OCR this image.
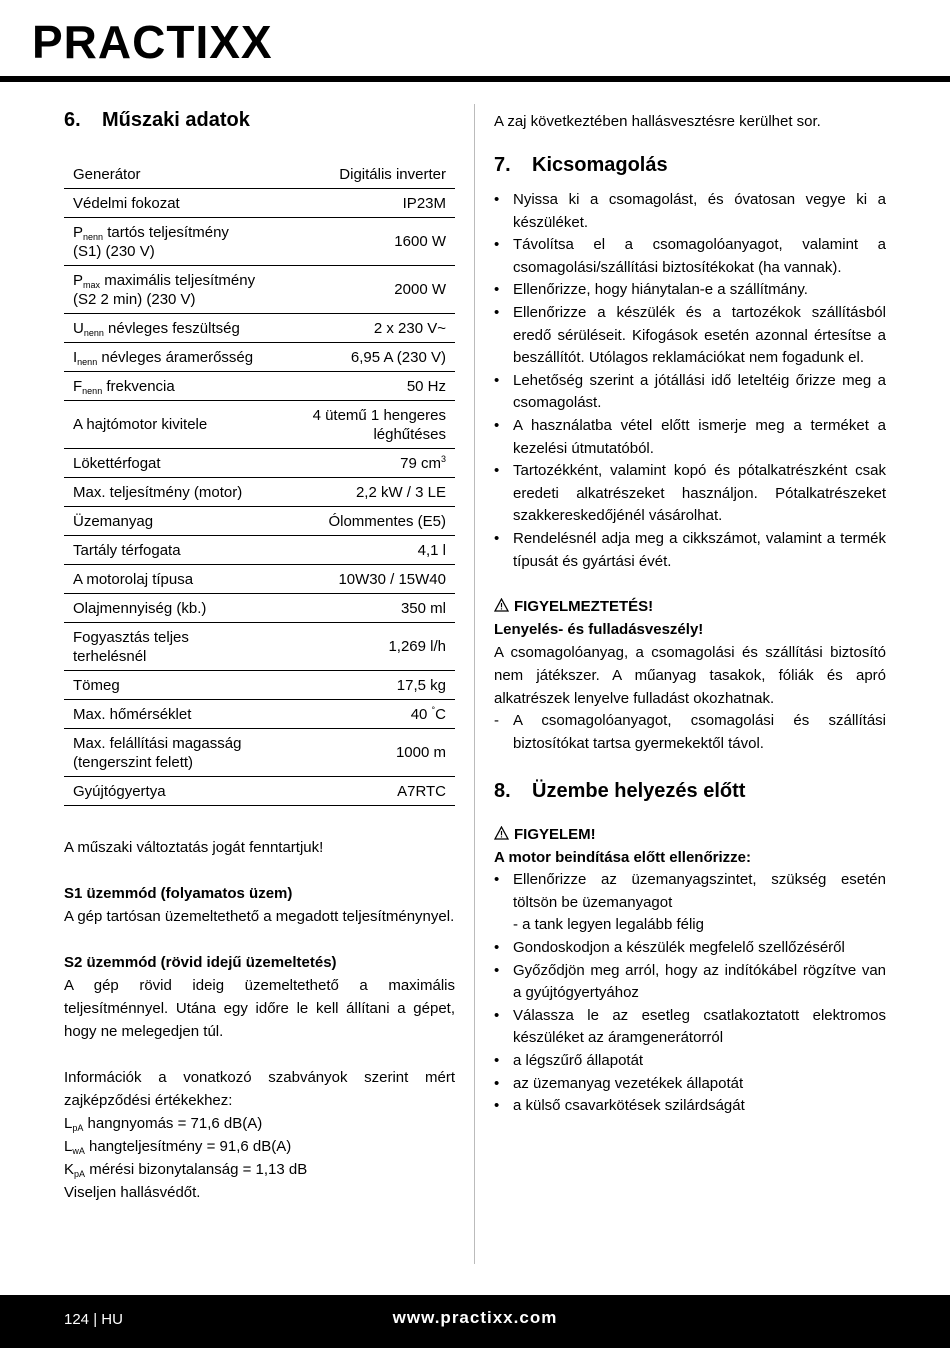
PRACTIXX
6. Műszaki adatok
Generátor	Digitális inverter
Védelmi fokozat	IP23M
$P_{nenn}$ tartós teljesítmény
(S1) (230 V)	1600 W
$P_{max}$ maximális teljesítmény
(S2 2 min) (230 V)	2000 W
$U_{nenn}$ névleges feszültség	2 x 230 V~
$I_{nenn}$ névleges áramerősség	6,95 A (230 V)
$F_{nenn}$ frekvencia	50 Hz
A hajtómotor kivitele	4 ütemű 1 hengeres
léghűtéses
Lökettérfogat	79 $cm^3$
Max. teljesítmény (motor)	2,2 kW / 3 LE
Üzemanyag	Ólommentes (E5)
Tartály térfogata	4,1 l
A motorolaj típusa	10W30 / 15W40
Olajmennyiség (kb.)	350 ml
Fogyasztás teljes
terhelésnél	1,269 l/h
Tömeg	17,5 kg
Max. hőmérséklet	40 °C
Max. felállítási magasság
(tengerszint felett)	1000 m
Gyújtógyertya	A7RTC

A műszaki változtatás jogát fenntartjuk!

S1 üzemmód (folyamatos üzem)

A gép tartósan üzemeltethető a megadott teljesítménynyel.

S2 üzemmód (rövid idejű üzemeltetés)

A gép rövid ideig üzemeltethető a maximális teljesítménnyel. Utána egy időre le kell állítani a gépet, hogy ne melegedjen túl.

Információk a vonatkozó szabványok szerint mért zajképződési értékekhez:

$L_{pA}$ hangnyomás = 71,6 dB(A)

$L_{wA}$ hangteljesítmény = 91,6 dB(A)

$K_{pA}$ mérési bizonytalanság = 1,13 dB

Viseljen hallásvédőt.

A zaj következtében hallásvesztésre kerülhet sor.

7. Kicsomagolás
• Nyissa ki a csomagolást, és óvatosan vegye ki a készüléket.
• Távolítsa el a csomagolóanyagot, valamint a csomagolási/szállítási biztosítékokat (ha vannak).
• Ellenőrizze, hogy hiánytalan-e a szállítmány.
• Ellenőrizze a készülék és a tartozékok szállításból eredő sérüléseit. Kifogások esetén azonnal értesítse a beszállítót. Utólagos reklamációkat nem fogadunk el.
• Lehetőség szerint a jótállási idő leteltéig őrizze meg a csomagolást.
• A használatba vétel előtt ismerje meg a terméket a kezelési útmutatóból.
• Tartozékként, valamint kopó és pótalkatrészként csak eredeti alkatrészeket használjon. Pótalkatrészeket szakkereskedőjénél vásárolhat.
• Rendelésnél adja meg a cikkszámot, valamint a termék típusát és gyártási évét.

FIGYELMEZTETÉS!

Lenyelés- és fulladásveszély!

A csomagolóanyag, a csomagolási és szállítási biztosító nem játékszer. A műanyag tasakok, fóliák és apró alkatrészek lenyelve fulladást okozhatnak.

- A csomagolóanyagot, csomagolási és szállítási biztosítókat tartsa gyermekektől távol.
8. Üzembe helyezés előtt

FIGYELEM!

A motor beindítása előtt ellenőrizze:

• Ellenőrizze az üzemanyagszintet, szükség esetén töltsön be üzemanyagot
- a tank legyen legalább félig
• Gondoskodjon a készülék megfelelő szellőzéséről
• Győződjön meg arról, hogy az indítókábel rögzítve van a gyújtógyertyához
• Válassza le az esetleg csatlakoztatott elektromos készüléket az áramgenerátorról
• a légszűrő állapotát
• az üzemanyag vezetékek állapotát
• a külső csavarkötések szilárdságát
124 | HU	www.practixx.com
